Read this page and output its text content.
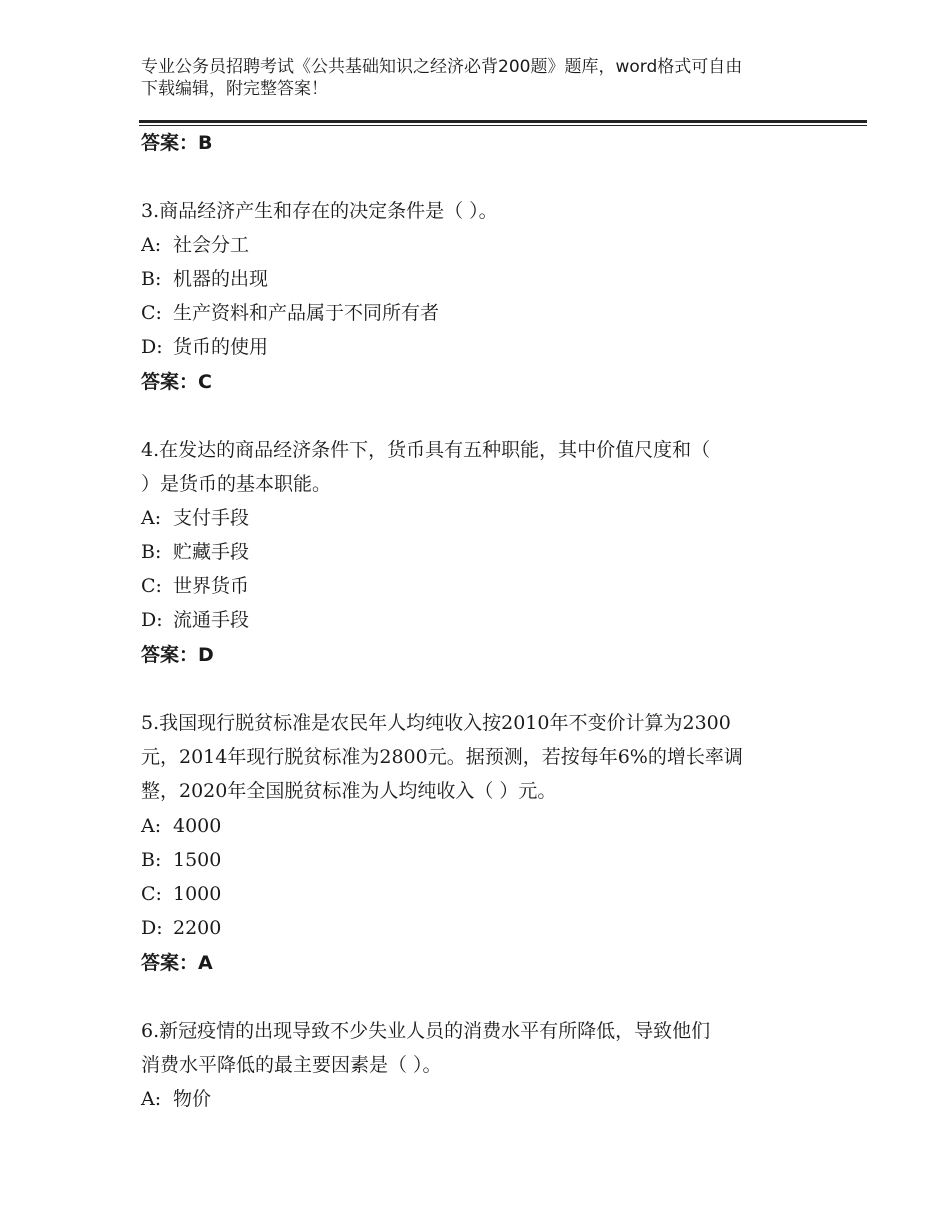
专业公务员招聘考试《公共基础知识之经济必背200题》题库，word格式可自由
下载编辑，附完整答案！
答案：B
3.商品经济产生和存在的决定条件是（ ）。
A: 社会分工
B: 机器的出现
C: 生产资料和产品属于不同所有者
D: 货币的使用
答案：C
4.在发达的商品经济条件下，货币具有五种职能，其中价值尺度和（
）是货币的基本职能。
A: 支付手段
B: 贮藏手段
C: 世界货币
D: 流通手段
答案：D
5.我国现行脱贫标准是农民年人均纯收入按2010年不变价计算为2300
元，2014年现行脱贫标准为2800元。据预测，若按每年6%的增长率调
整，2020年全国脱贫标准为人均纯收入（ ）元。
A: 4000
B: 1500
C: 1000
D: 2200
答案：A
6.新冠疫情的出现导致不少失业人员的消费水平有所降低，导致他们
消费水平降低的最主要因素是（ ）。
A: 物价
